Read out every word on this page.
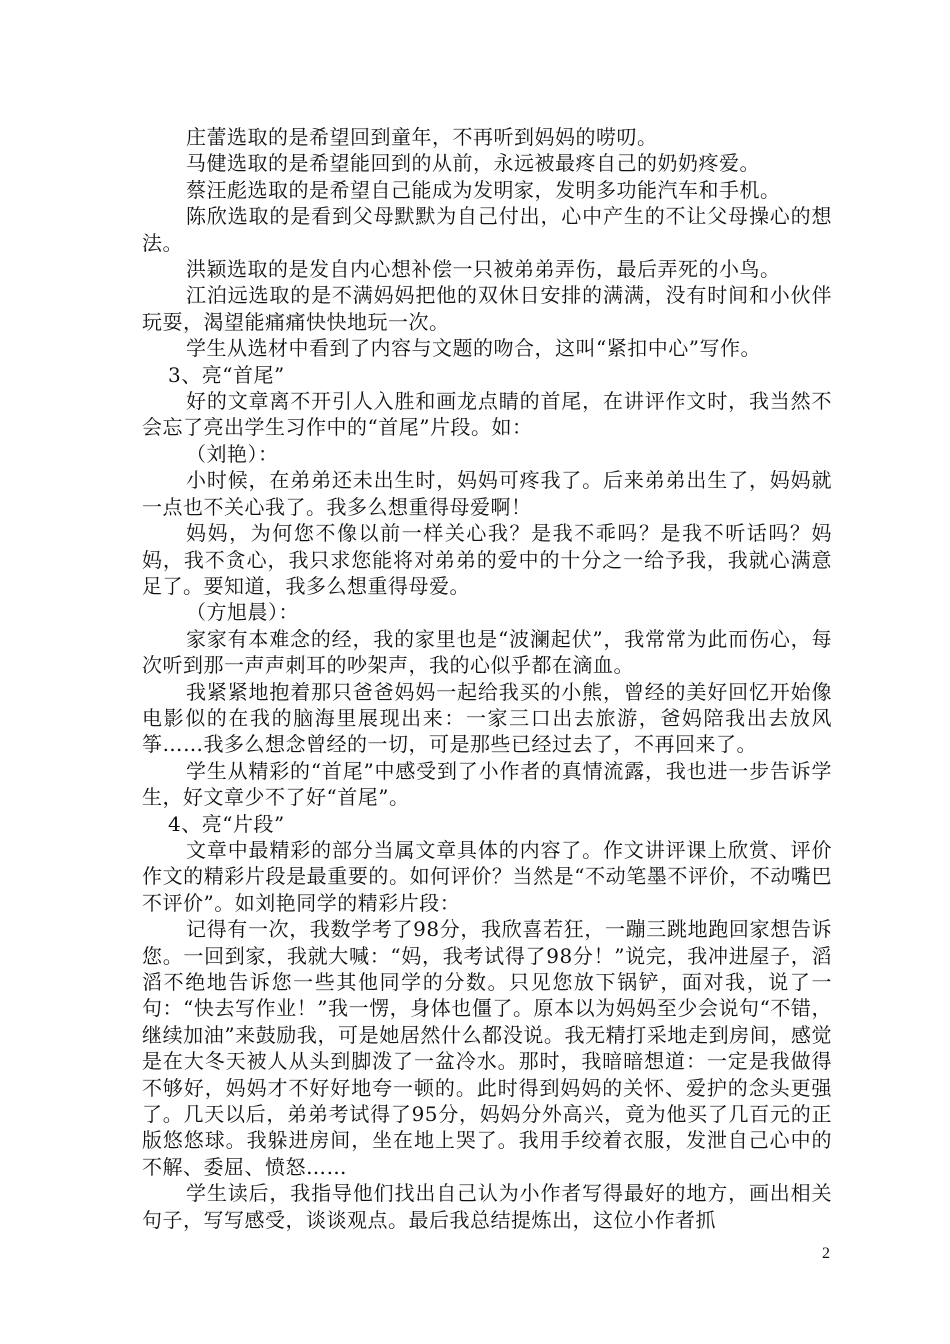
庄蕾选取的是希望回到童年，不再听到妈妈的唠叨。

马健选取的是希望能回到的从前，永远被最疼自己的奶奶疼爱。

蔡汪彪选取的是希望自己能成为发明家，发明多功能汽车和手机。

陈欣选取的是看到父母默默为自己付出，心中产生的不让父母操心的想法。

洪颖选取的是发自内心想补偿一只被弟弟弄伤，最后弄死的小鸟。

江泊远选取的是不满妈妈把他的双休日安排的满满，没有时间和小伙伴玩耍，渴望能痛痛快快地玩一次。

学生从选材中看到了内容与文题的吻合，这叫“紧扣中心”写作。

3、亮“首尾”

好的文章离不开引人入胜和画龙点睛的首尾，在讲评作文时，我当然不会忘了亮出学生习作中的“首尾”片段。如：

（刘艳）：

小时候，在弟弟还未出生时，妈妈可疼我了。后来弟弟出生了，妈妈就一点也不关心我了。我多么想重得母爱啊！

妈妈，为何您不像以前一样关心我？是我不乖吗？是我不听话吗？妈妈，我不贪心，我只求您能将对弟弟的爱中的十分之一给予我，我就心满意足了。要知道，我多么想重得母爱。

（方旭晨）：

家家有本难念的经，我的家里也是“波澜起伏”，我常常为此而伤心，每次听到那一声声刺耳的吵架声，我的心似乎都在滴血。

我紧紧地抱着那只爸爸妈妈一起给我买的小熊，曾经的美好回忆开始像电影似的在我的脑海里展现出来：一家三口出去旅游，爸妈陪我出去放风筝……我多么想念曾经的一切，可是那些已经过去了，不再回来了。

学生从精彩的“首尾”中感受到了小作者的真情流露，我也进一步告诉学生，好文章少不了好“首尾”。

4、亮“片段”

文章中最精彩的部分当属文章具体的内容了。作文讲评课上欣赏、评价作文的精彩片段是最重要的。如何评价？当然是“不动笔墨不评价，不动嘴巴不评价”。如刘艳同学的精彩片段：

记得有一次，我数学考了98分，我欣喜若狂，一蹦三跳地跑回家想告诉您。一回到家，我就大喊：“妈，我考试得了98分！”说完，我冲进屋子，滔滔不绝地告诉您一些其他同学的分数。只见您放下锅铲，面对我，说了一句：“快去写作业！”我一愣，身体也僵了。原本以为妈妈至少会说句“不错，继续加油”来鼓励我，可是她居然什么都没说。我无精打采地走到房间，感觉是在大冬天被人从头到脚泼了一盆冷水。那时，我暗暗想道：一定是我做得不够好，妈妈才不好好地夸一顿的。此时得到妈妈的关怀、爱护的念头更强了。几天以后，弟弟考试得了95分，妈妈分外高兴，竟为他买了几百元的正版悠悠球。我躲进房间，坐在地上哭了。我用手绞着衣服，发泄自己心中的不解、委屈、愤怒……

学生读后，我指导他们找出自己认为小作者写得最好的地方，画出相关句子，写写感受，谈谈观点。最后我总结提炼出，这位小作者抓

2
